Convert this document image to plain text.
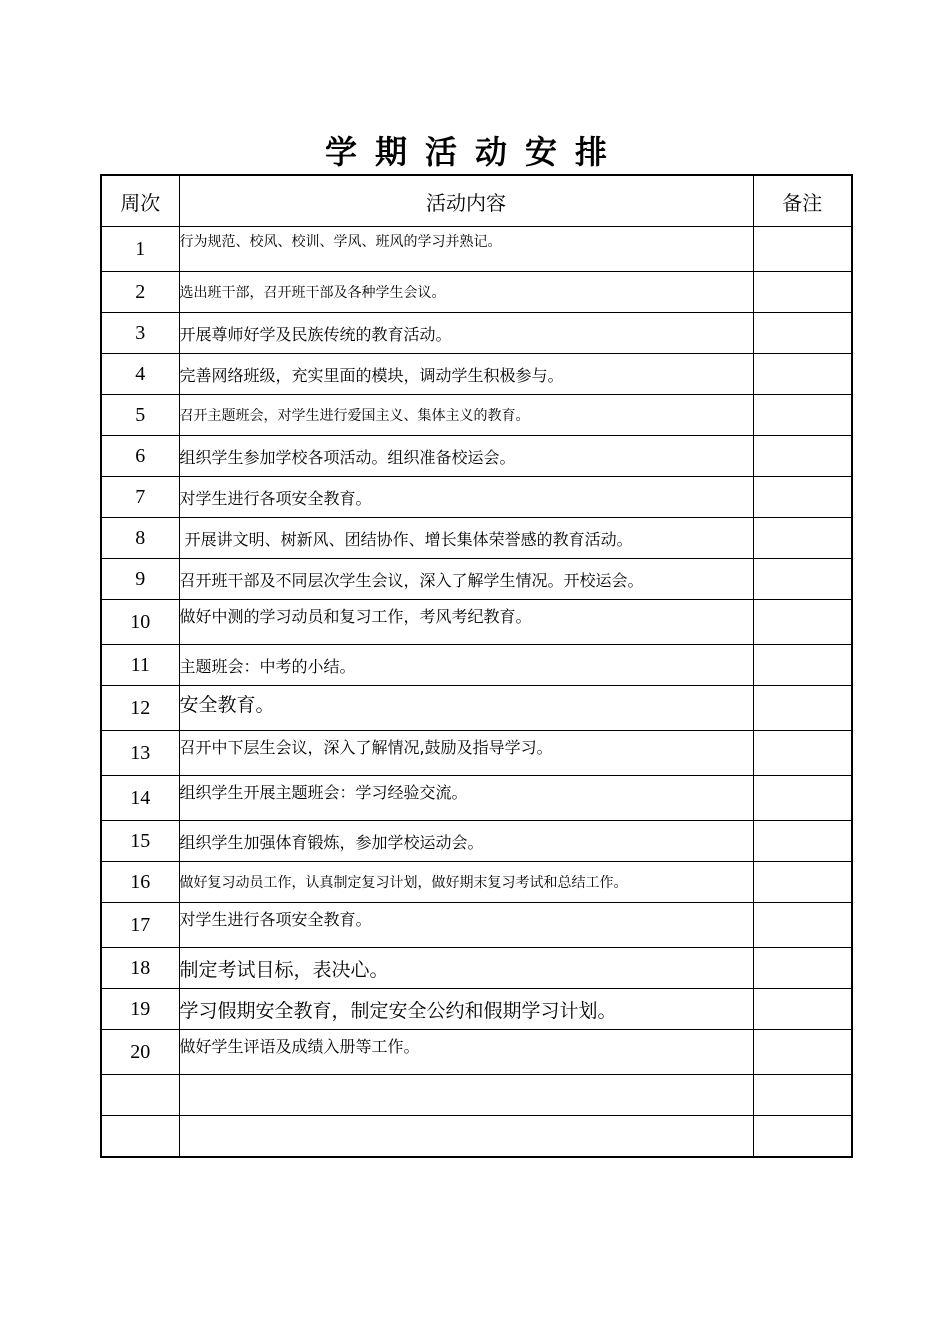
学期活动安排
周次	活动内容	备注
1	行为规范、校风、校训、学风、班风的学习并熟记。	
2	选出班干部，召开班干部及各种学生会议。	
3	开展尊师好学及民族传统的教育活动。	
4	完善网络班级，充实里面的模块，调动学生积极参与。	
5	召开主题班会，对学生进行爱国主义、集体主义的教育。	
6	组织学生参加学校各项活动。组织准备校运会。	
7	对学生进行各项安全教育。	
8	开展讲文明、树新风、团结协作、增长集体荣誉感的教育活动。	
9	召开班干部及不同层次学生会议，深入了解学生情况。开校运会。	
10	做好中测的学习动员和复习工作，考风考纪教育。	
11	主题班会：中考的小结。	
12	安全教育。	
13	召开中下层生会议，深入了解情况,鼓励及指导学习。	
14	组织学生开展主题班会：学习经验交流。	
15	组织学生加强体育锻炼，参加学校运动会。	
16	做好复习动员工作，认真制定复习计划，做好期末复习考试和总结工作。	
17	对学生进行各项安全教育。	
18	制定考试目标，表决心。	
19	学习假期安全教育，制定安全公约和假期学习计划。	
20	做好学生评语及成绩入册等工作。	
